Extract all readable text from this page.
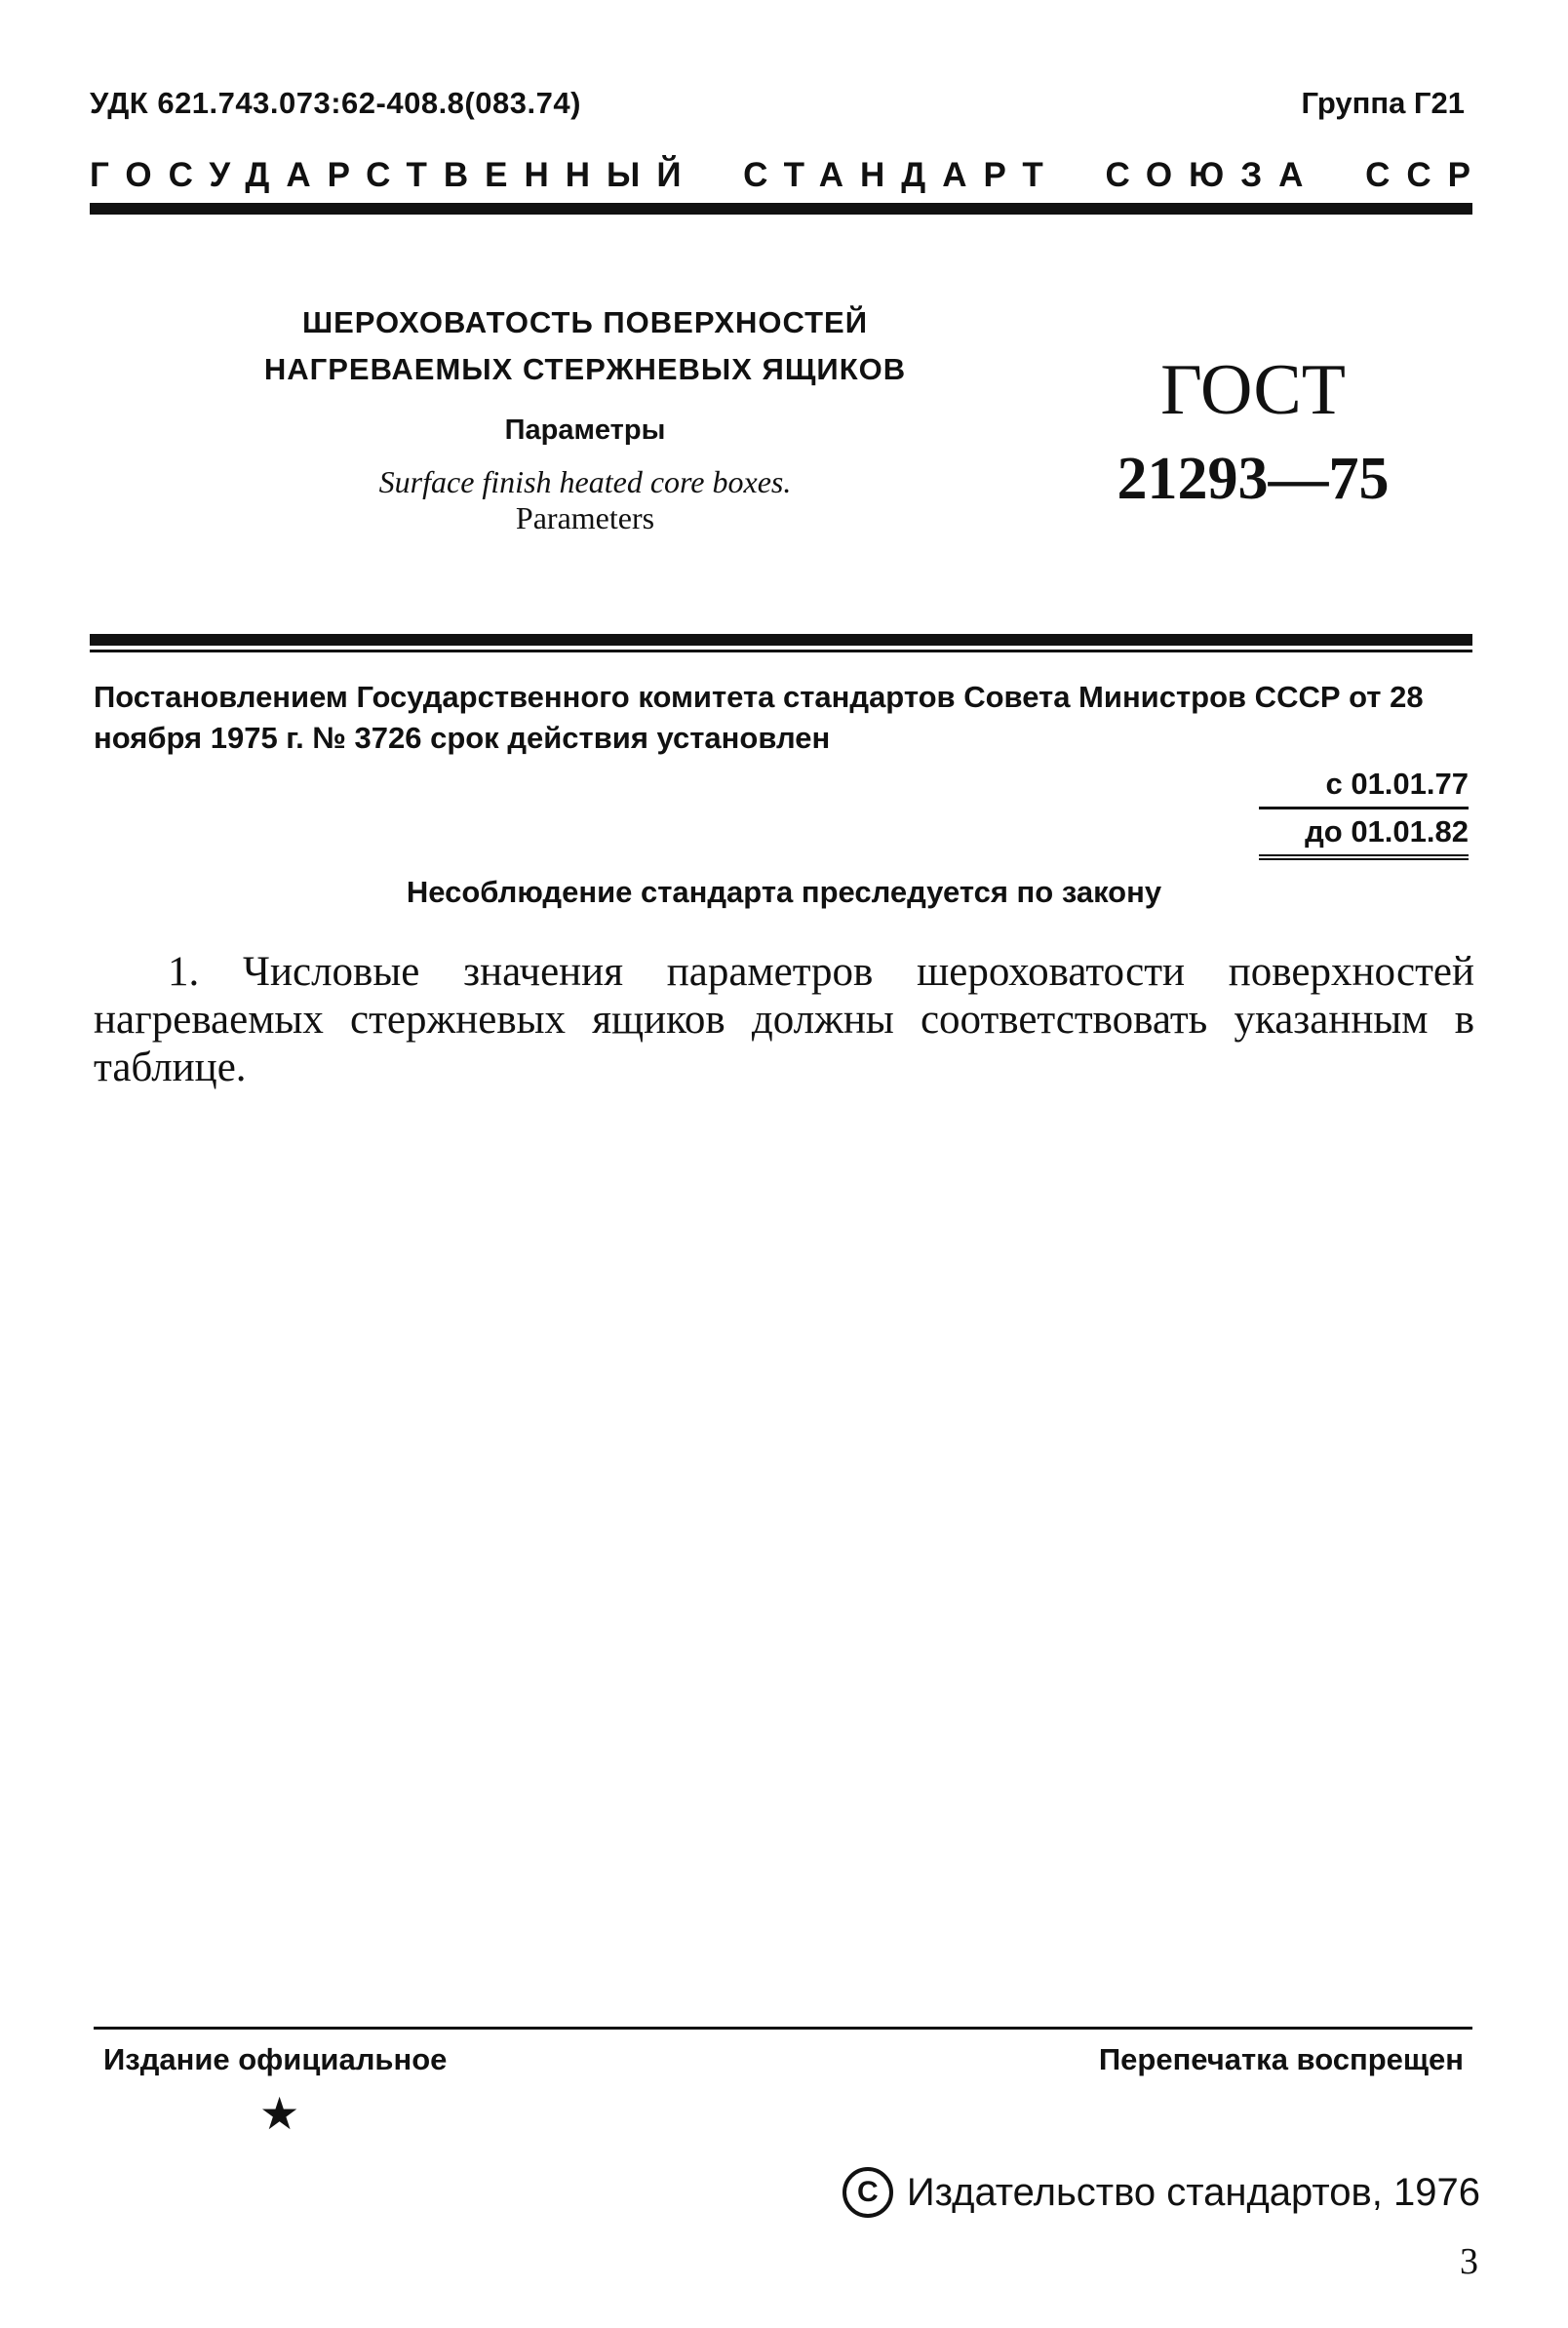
УДК 621.743.073:62-408.8(083.74)	Группа Г21
ГОСУДАРСТВЕННЫЙ СТАНДАРТ СОЮЗА ССР
ШЕРОХОВАТОСТЬ ПОВЕРХНОСТЕЙ
НАГРЕВАЕМЫХ СТЕРЖНЕВЫХ ЯЩИКОВ
Параметры
Surface finish heated core boxes.
Parameters
ГОСТ
21293—75
Постановлением Государственного комитета стандартов Совета Министров СССР от 28 ноября 1975 г. № 3726 срок действия установлен
с 01.01.77
до 01.01.82
Несоблюдение стандарта преследуется по закону
1. Числовые значения параметров шероховатости поверхностей нагреваемых стержневых ящиков должны соответствовать указанным в таблице.
Издание официальное	Перепечатка воспрещен
★
C Издательство стандартов, 1976
3
